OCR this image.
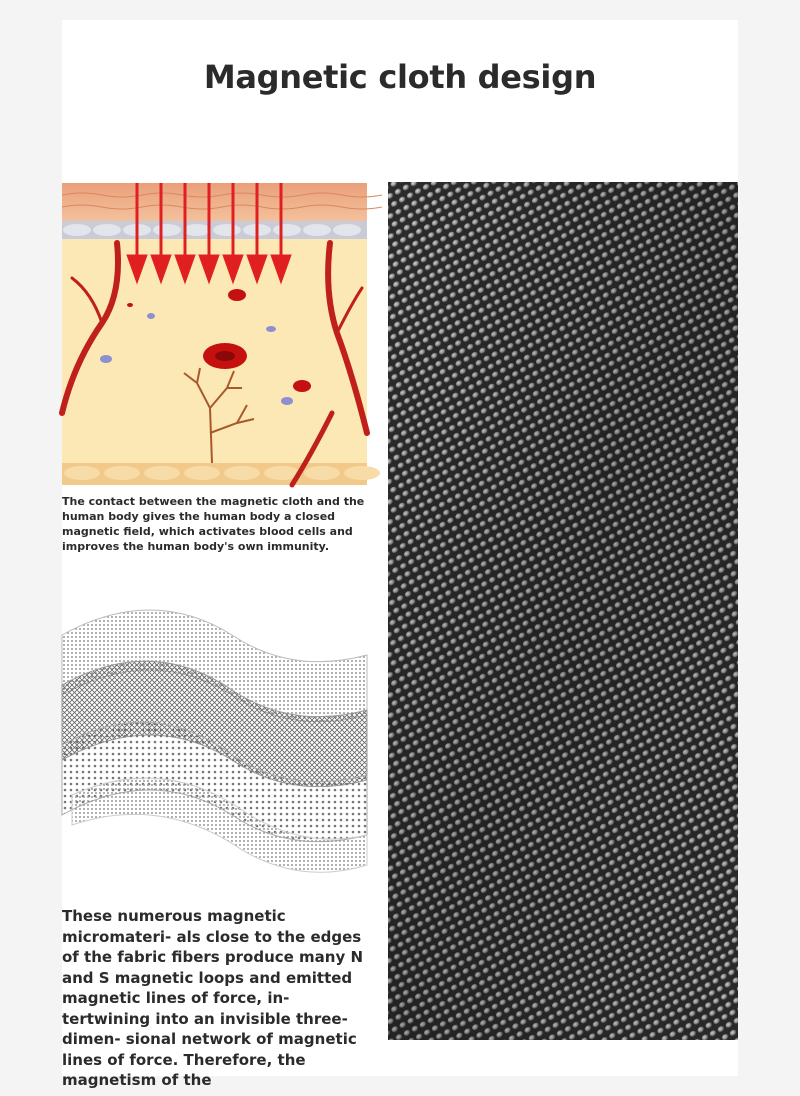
Magnetic cloth design
The contact between the magnetic cloth and the human body gives the human body a closed magnetic field, which activates blood cells and improves the human body's own immunity.
These numerous magnetic micromateri- als close to the edges of the fabric fibers produce many N and S magnetic loops and emitted magnetic lines of force, in- tertwining into an invisible three-dimen- sional network of magnetic lines of force. Therefore, the magnetism of the
